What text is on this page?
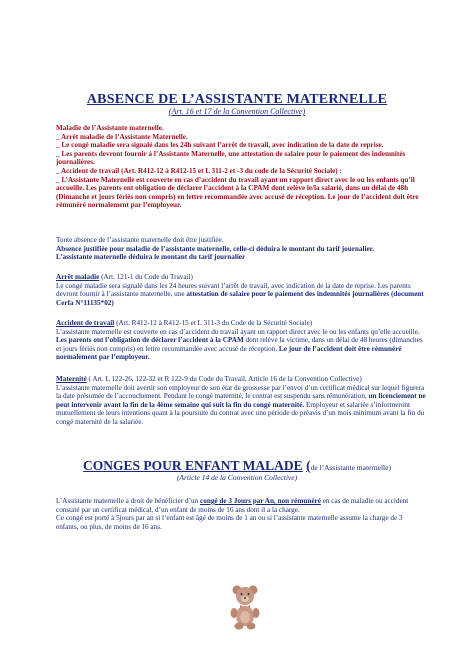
ABSENCE DE L’ASSISTANTE MATERNELLE
(Art. 16 et 17 de la Convention Collective)

Maladie de l’Assistante maternelle.

_ Arrêt maladie de l’Assistante Maternelle.

_ Le congé maladie sera signalé dans les 24h suivant l’arrêt de travail, avec indication de la date de reprise.

_ Les parents devront fournir à l’Assistante Maternelle, une attestation de salaire pour le paiement des indemnités journalières.

_ Accident de travail (Art. R412-12 à R412-15 et L 311-2 et -3 du code de la Sécurité Sociale) :

_ L’Assistante Maternelle est couverte en cas d’accident du travail ayant un rapport direct avec le ou les enfants qu’il accueille. Les parents ont obligation de déclarer l’accident à la CPAM dont relève le/la salarié, dans un délai de 48h (Dimanche et jours fériés non compris) en lettre recommandée avec accusé de réception. Le jour de l’accident doit être rémunéré normalement par l’employeur.

Toute absence de l’assistante maternelle doit être justifiée.

Absence justifiée pour maladie de l’assistante maternelle, celle-ci déduira le montant du tarif journalier.

L’assistante maternelle déduira le montant du tarif journalier

Arrêt maladie (Art. 121-1 du Code du Travail)

Le congé maladie sera signalé dans les 24 heures suivant l’arrêt de travail, avec indication de la date de reprise. Les parents devront fournir à l’assistante maternelle, une attestation de salaire pour le paiement des indemnités journalières (document Cerfa N°11135*02)

Accident de travail (Art. R412-12 à R412-15 et L 311-3 du Code de la Sécurité Sociale)

L’assistante maternelle est couverte en cas d’accident du travail ayant un rapport direct avec le ou les enfants qu’elle accueille. Les parents ont l’obligation de déclarer l’accident à la CPAM dont relève la victime, dans un délai de 48 heures (dimanches et jours fériés non compris) en lettre recommandée avec accusé de réception. Le jour de l’accident doit être rémunéré normalement par l’employeur.

Maternité ( Art. L 122-26, 122-32 et R 122-9 du Code du Travail, Article 16 de la Convention Collective)

L’assistante maternelle doit avertir son employeur de son état de grossesse par l’envoi d’un certificat médical sur lequel figurera la date présumée de l’accouchement. Pendant le congé maternité, le contrat est suspendu sans rémunération, un licenciement ne peut intervenir avant la fin de la 4ème semaine qui suit la fin du congé maternité. Employeur et salariée s’informeront mutuellement de leurs intentions quant à la poursuite du contrat avec une période de préavis d’un mois minimum avant la fin du congé maternité de la salariée.

CONGES POUR ENFANT MALADE (de l’Assistante maternelle)
(Article 14 de la Convention Collective)

L’Assistante maternelle a droit de bénéficier d’un congé de 3 Jours par An, non rémunéré en cas de maladie ou accident constaté par un certificat médical, d’un enfant de moins de 16 ans dont il a la charge.

Ce congé est porté à 5jours par an si l’enfant est âgé de moins de 1 an ou si l’assistante maternelle assume la charge de 3 enfants, ou plus, de moins de 16 ans.
